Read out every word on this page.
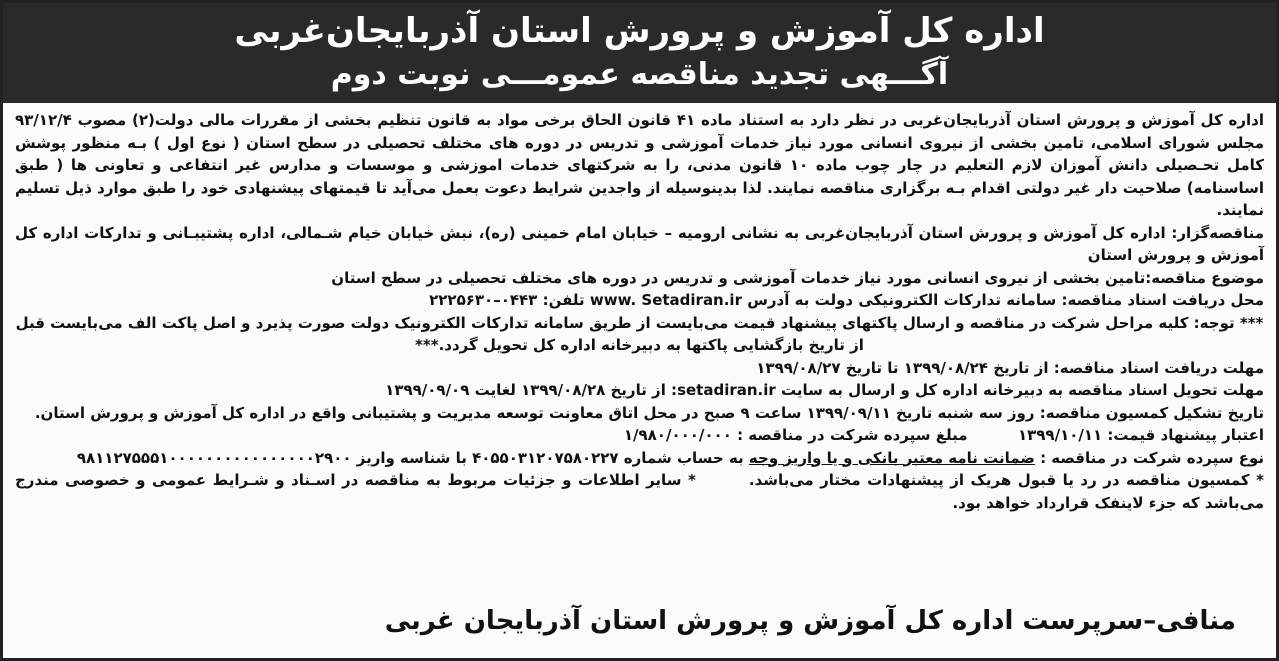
اداره کل آموزش و پرورش استان آذربایجان‌غربی
آگـــهی تجدید مناقصه عمومـــی نوبت دوم

اداره کل آموزش و پرورش استان آذربایجان‌غربی در نظر دارد به استناد ماده ۴۱ قانون الحاق برخی مواد به قانون تنظیم بخشی از مقررات مالی دولت(۲) مصوب ۹۳/۱۲/۴ مجلس شورای اسلامی، تامین بخشی از نیروی انسانی مورد نیاز خدمات آموزشی و تدریس در دوره های مختلف تحصیلی در سطح استان ( نوع اول ) بـه منظور پوشش کامل تحـصیلی دانش آموزان لازم التعلیم در چار چوب ماده ۱۰ قانون مدنی، را به شرکتهای خدمات اموزشی و موسسات و مدارس غیر انتفاعی و تعاونی ها ( طبق اساسنامه) صلاحیت دار غیر دولتی اقدام بـه برگزاری مناقصه نمایند. لذا بدینوسیله از واجدین شرایط دعوت بعمل می‌آید تا قیمتهای پیشنهادی خود را طبق موارد ذیل تسلیم نمایند.

مناقصه‌گزار: اداره کل آموزش و پرورش استان آذربایجان‌غربی به نشانی ارومیه – خیابان امام خمینی (ره)، نبش خیابان خیام شـمالی، اداره پشتیبـانی و تدارکات اداره کل آموزش و پرورش استان

موضوع مناقصه:تامین بخشی از نیروی انسانی مورد نیاز خدمات آموزشی و تدریس در دوره های مختلف تحصیلی در سطح استان

محل دریافت اسناد مناقصه: سامانه تدارکات الکترونیکی دولت به آدرس www. Setadiran.ir تلفن: ۰۴۴۳–۲۲۲۵۶۳۰

*** توجه: کلیه مراحل شرکت در مناقصه و ارسال پاکتهای پیشنهاد قیمت می‌بایست از طریق سامانه تدارکات الکترونیک دولت صورت پذیرد و اصل پاکت الف می‌بایست قبل از تاریخ بازگشایی پاکتها به دبیرخانه اداره کل تحویل گردد.***

مهلت دریافت اسناد مناقصه: از تاریخ ۱۳۹۹/۰۸/۲۴ تا تاریخ ۱۳۹۹/۰۸/۲۷

مهلت تحویل اسناد مناقصه به دبیرخانه اداره کل و ارسال به سایت setadiran.ir: از تاریخ ۱۳۹۹/۰۸/۲۸ لغایت ۱۳۹۹/۰۹/۰۹

تاریخ تشکیل کمسیون مناقصه: روز سه شنبه تاریخ ۱۳۹۹/۰۹/۱۱ ساعت ۹ صبح در محل اتاق معاونت توسعه مدیریت و پشتیبانی واقع در اداره کل آموزش و پرورش استان.

اعتبار پیشنهاد قیمت: ۱۳۹۹/۱۰/۱۱  مبلغ سپرده شرکت در مناقصه : ۱/۹۸۰/۰۰۰/۰۰۰

نوع سپرده شرکت در مناقصه : ضمانت نامه معتبر بانکی و یا واریز وجه به حساب شماره ۴۰۵۵۰۳۱۲۰۷۵۸۰۲۲۷ با شناسه واریز ۹۸۱۱۲۷۵۵۵۱۰۰۰۰۰۰۰۰۰۰۰۰۰۰۰۰۲۹۰۰

* کمسیون مناقصه در رد یا قبول هریک از پیشنهادات مختار می‌باشد.  * سایر اطلاعات و جزئیات مربوط به مناقصه در اسـناد و شـرایط عمومی و خصوصی مندرج می‌باشد که جزء لاینفک قرارداد خواهد بود.

منافی–سرپرست اداره کل آموزش و پرورش استان آذربایجان غربی
